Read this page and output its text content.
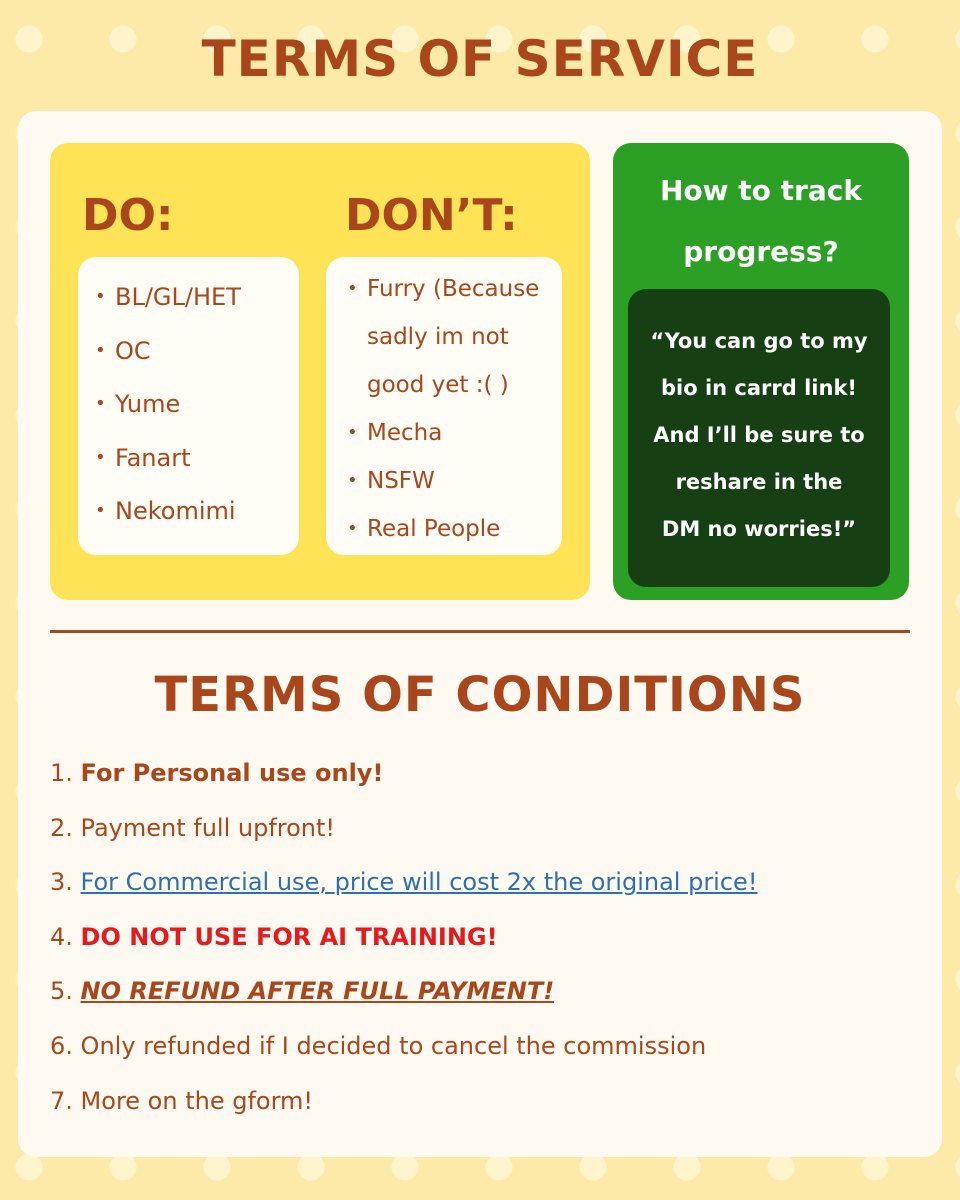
TERMS OF SERVICE
DO:	DON’T:
• BL/GL/HET
• OC
• Yume
• Fanart
• Nekomimi
• Furry (Because
sadly im not
good yet :( )
• Mecha
• NSFW
• Real People
How to track
progress?
“You can go to my
bio in carrd link!
And I’ll be sure to
reshare in the
DM no worries!”
TERMS OF CONDITIONS
1. For Personal use only!
2. Payment full upfront!
3. For Commercial use, price will cost 2x the original price!
4. DO NOT USE FOR AI TRAINING!
5. NO REFUND AFTER FULL PAYMENT!
6. Only refunded if I decided to cancel the commission
7. More on the gform!
